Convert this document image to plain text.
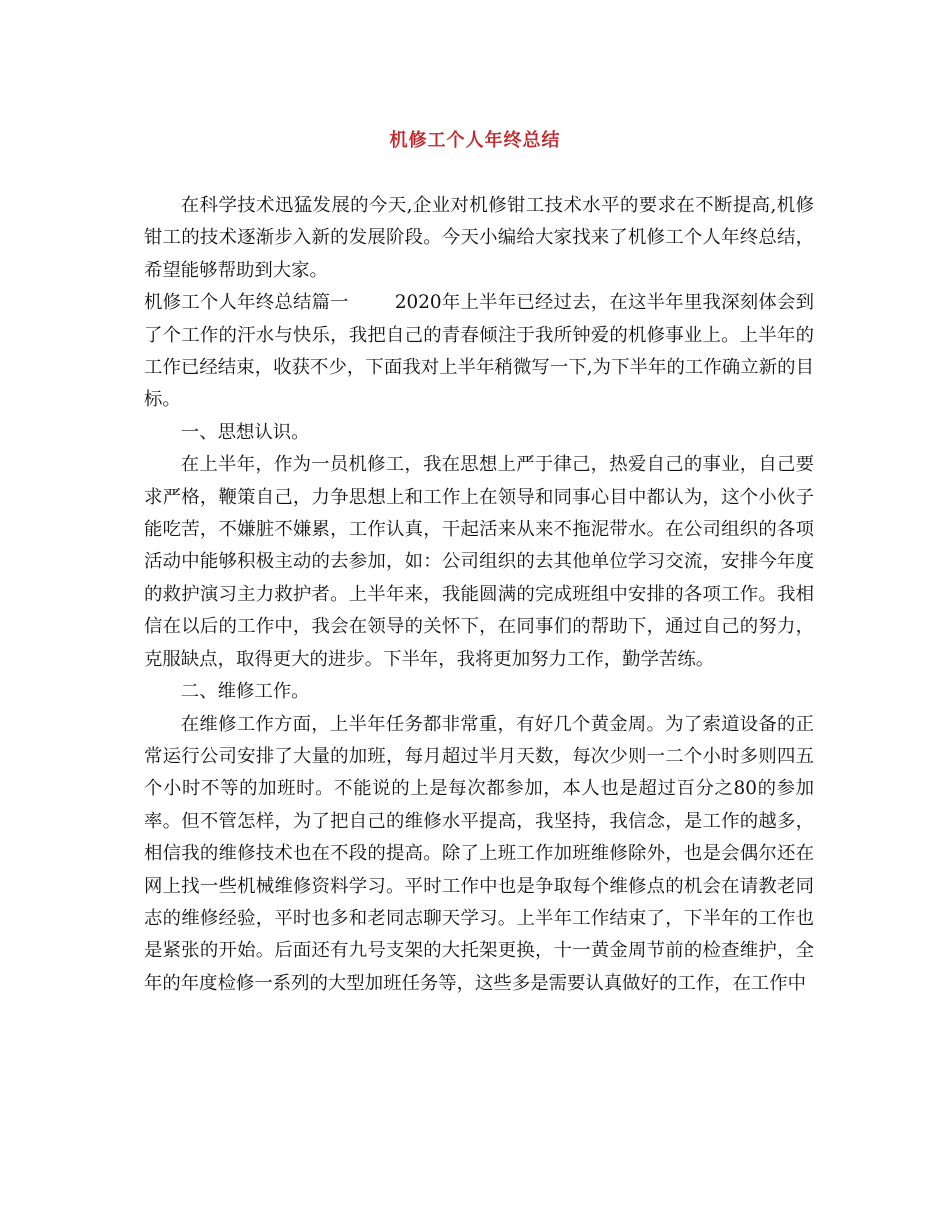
机修工个人年终总结

在科学技术迅猛发展的今天,企业对机修钳工技术水平的要求在不断提高,机修钳工的技术逐渐步入新的发展阶段。今天小编给大家找来了机修工个人年终总结，希望能够帮助到大家。

机修工个人年终总结篇一	2020年上半年已经过去，在这半年里我深刻体会到了个工作的汗水与快乐，我把自己的青春倾注于我所钟爱的机修事业上。上半年的工作已经结束，收获不少，下面我对上半年稍微写一下,为下半年的工作确立新的目标。

一、思想认识。

在上半年，作为一员机修工，我在思想上严于律己，热爱自己的事业，自己要求严格，鞭策自己，力争思想上和工作上在领导和同事心目中都认为，这个小伙子能吃苦，不嫌脏不嫌累，工作认真，干起活来从来不拖泥带水。在公司组织的各项活动中能够积极主动的去参加，如：公司组织的去其他单位学习交流，安排今年度的救护演习主力救护者。上半年来，我能圆满的完成班组中安排的各项工作。我相信在以后的工作中，我会在领导的关怀下，在同事们的帮助下，通过自己的努力，克服缺点，取得更大的进步。下半年，我将更加努力工作，勤学苦练。

二、维修工作。

在维修工作方面，上半年任务都非常重，有好几个黄金周。为了索道设备的正常运行公司安排了大量的加班，每月超过半月天数，每次少则一二个小时多则四五个小时不等的加班时。不能说的上是每次都参加，本人也是超过百分之80的参加率。但不管怎样，为了把自己的维修水平提高，我坚持，我信念，是工作的越多，相信我的维修技术也在不段的提高。除了上班工作加班维修除外，也是会偶尔还在网上找一些机械维修资料学习。平时工作中也是争取每个维修点的机会在请教老同志的维修经验，平时也多和老同志聊天学习。上半年工作结束了，下半年的工作也是紧张的开始。后面还有九号支架的大托架更换，十一黄金周节前的检查维护，全年的年度检修一系列的大型加班任务等，这些多是需要认真做好的工作，在工作中
